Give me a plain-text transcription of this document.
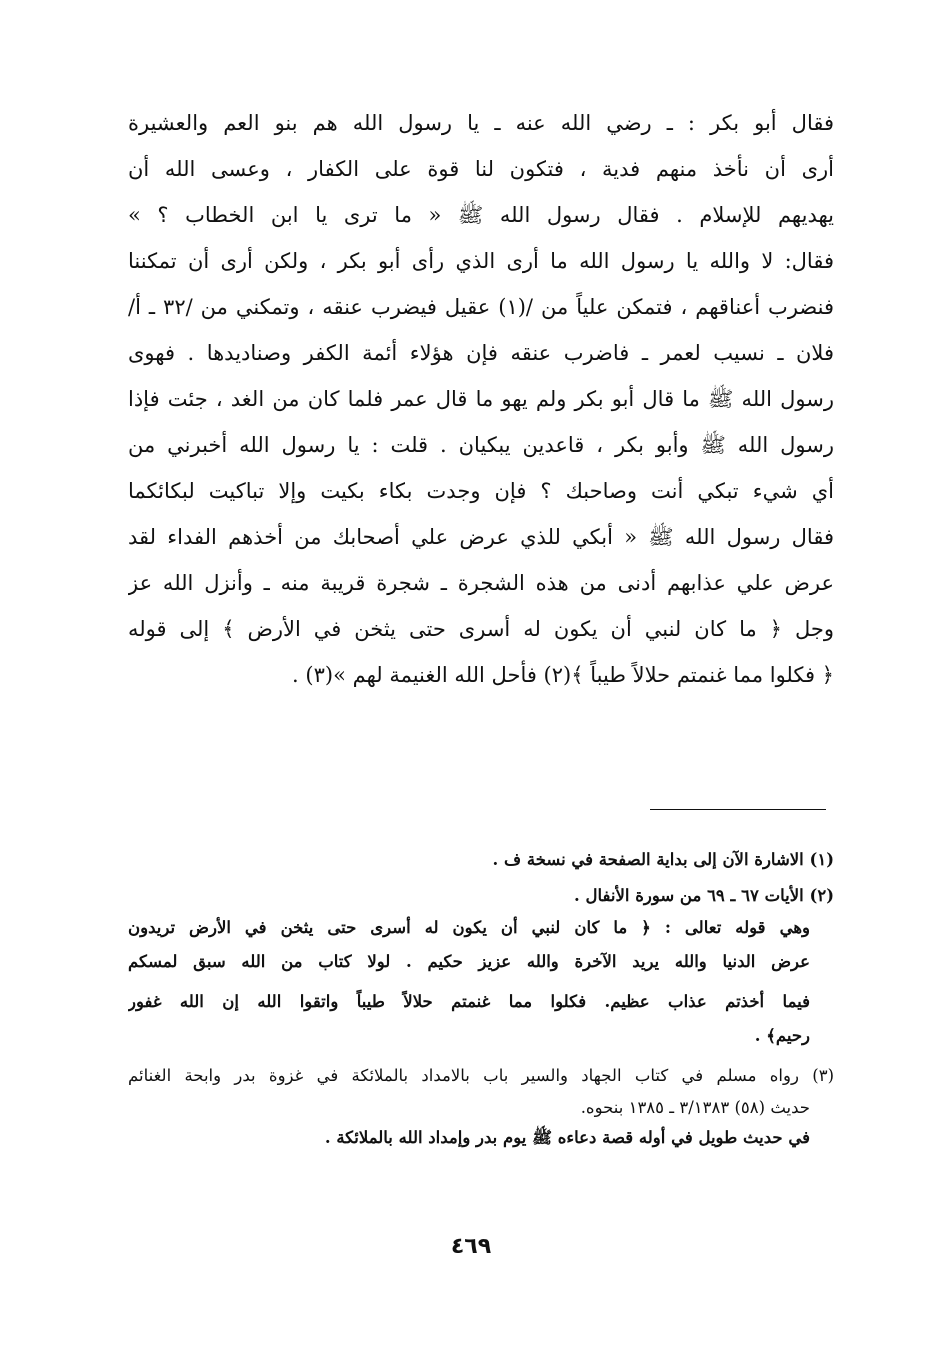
فقال أبو بكر : ـ رضي الله عنه ـ يا رسول الله هم بنو العم والعشيرة
أرى أن نأخذ منهم فدية ، فتكون لنا قوة على الكفار ، وعسى الله أن
يهديهم للإسلام . فقال رسول الله ﷺ « ما ترى يا ابن الخطاب ؟ »
فقال: لا والله يا رسول الله ما أرى الذي رأى أبو بكر ، ولكن أرى أن تمكننا
فنضرب أعناقهم ، فتمكن علياً من /(١) عقيل فيضرب عنقه ، وتمكني من /٣٢ ـ أ/
فلان ـ نسيب لعمر ـ فاضرب عنقه فإن هؤلاء أئمة الكفر وصناديدها . فهوى
رسول الله ﷺ ما قال أبو بكر ولم يهو ما قال عمر فلما كان من الغد ، جئت فإذا
رسول الله ﷺ وأبو بكر ، قاعدين يبكيان . قلت : يا رسول الله أخبرني من
أي شيء تبكي أنت وصاحبك ؟ فإن وجدت بكاء بكيت وإلا تباكيت لبكائكما
فقال رسول الله ﷺ « أبكي للذي عرض علي أصحابك من أخذهم الفداء لقد
عرض علي عذابهم أدنى من هذه الشجرة ـ شجرة قريبة منه ـ وأنزل الله عز
وجل ﴿ ما كان لنبي أن يكون له أسرى حتى يثخن في الأرض ﴾ إلى قوله
﴿ فكلوا مما غنمتم حلالاً طيباً ﴾(٢) فأحل الله الغنيمة لهم »(٣) .
(١) الاشارة الآن إلى بداية الصفحة في نسخة ف .
(٢) الأيات ٦٧ ـ ٦٩ من سورة الأنفال .
وهي قوله تعالى : ﴿ ما كان لنبي أن يكون له أسرى حتى يثخن في الأرض تريدون
عرض الدنيا والله يريد الآخرة والله عزيز حكيم . لولا كتاب من الله سبق لمسكم
فيما أخذتم عذاب عظيم. فكلوا مما غنمتم حلالاً طيباً واتقوا الله إن الله غفور
رحيم﴾ .
(٣) رواه مسلم في كتاب الجهاد والسير باب بالامداد بالملائكة في غزوة بدر وابحة الغنائم
حديث (٥٨) ٣/١٣٨٣ ـ ١٣٨٥ بنحوه.
في حديث طويل في أوله قصة دعاءه ﷺ يوم بدر وإمداد الله بالملائكة .
٤٦٩
